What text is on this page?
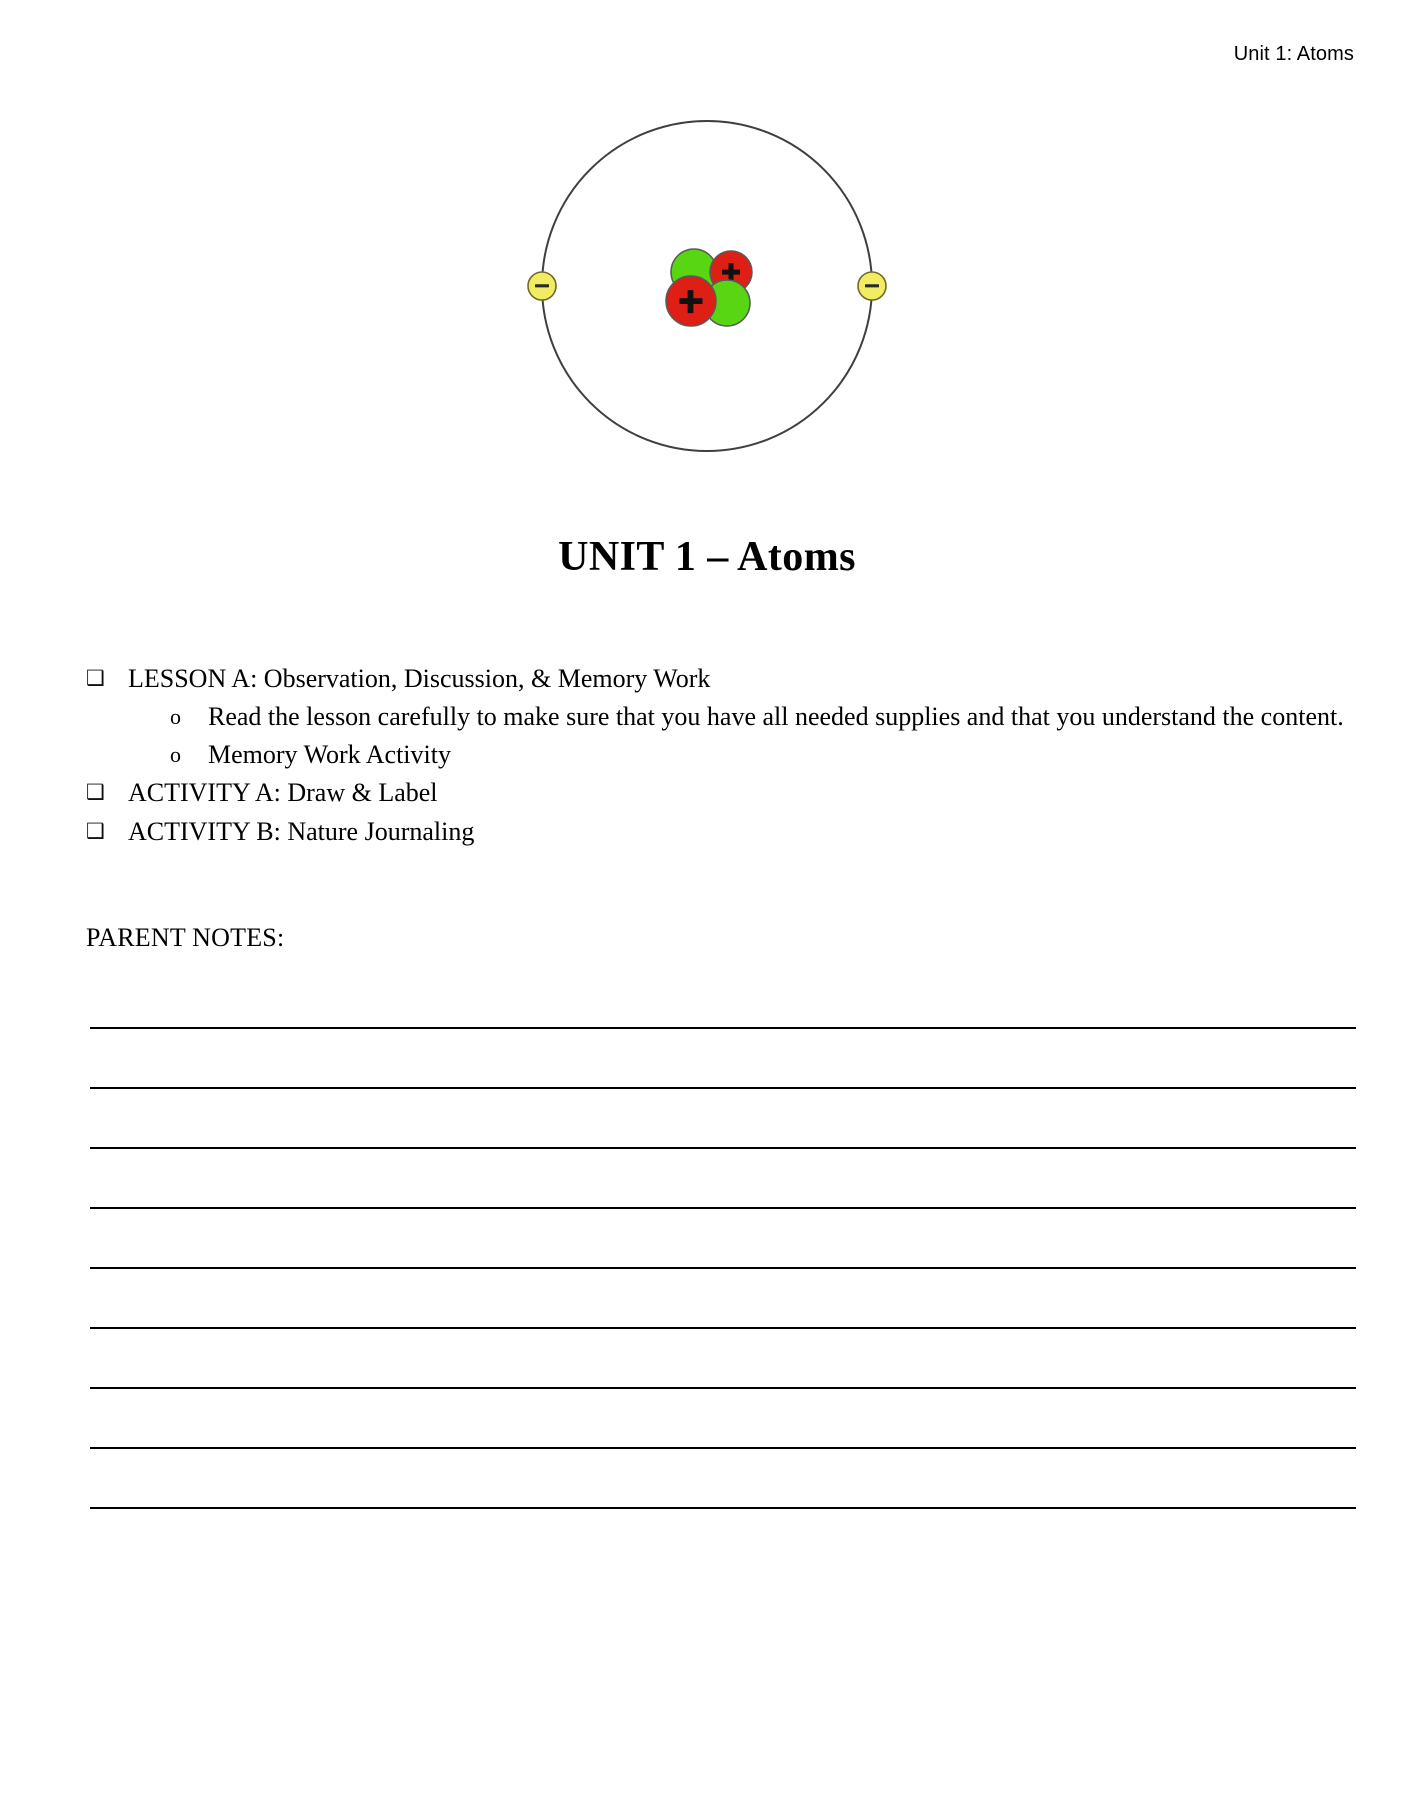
Unit 1: Atoms
UNIT 1 – Atoms
❑ LESSON A: Observation, Discussion, & Memory Work
o	Read the lesson carefully to make sure that you have all needed supplies and that you understand the content.
o	Memory Work Activity
❑ ACTIVITY A: Draw & Label
❑ ACTIVITY B: Nature Journaling
PARENT NOTES:
